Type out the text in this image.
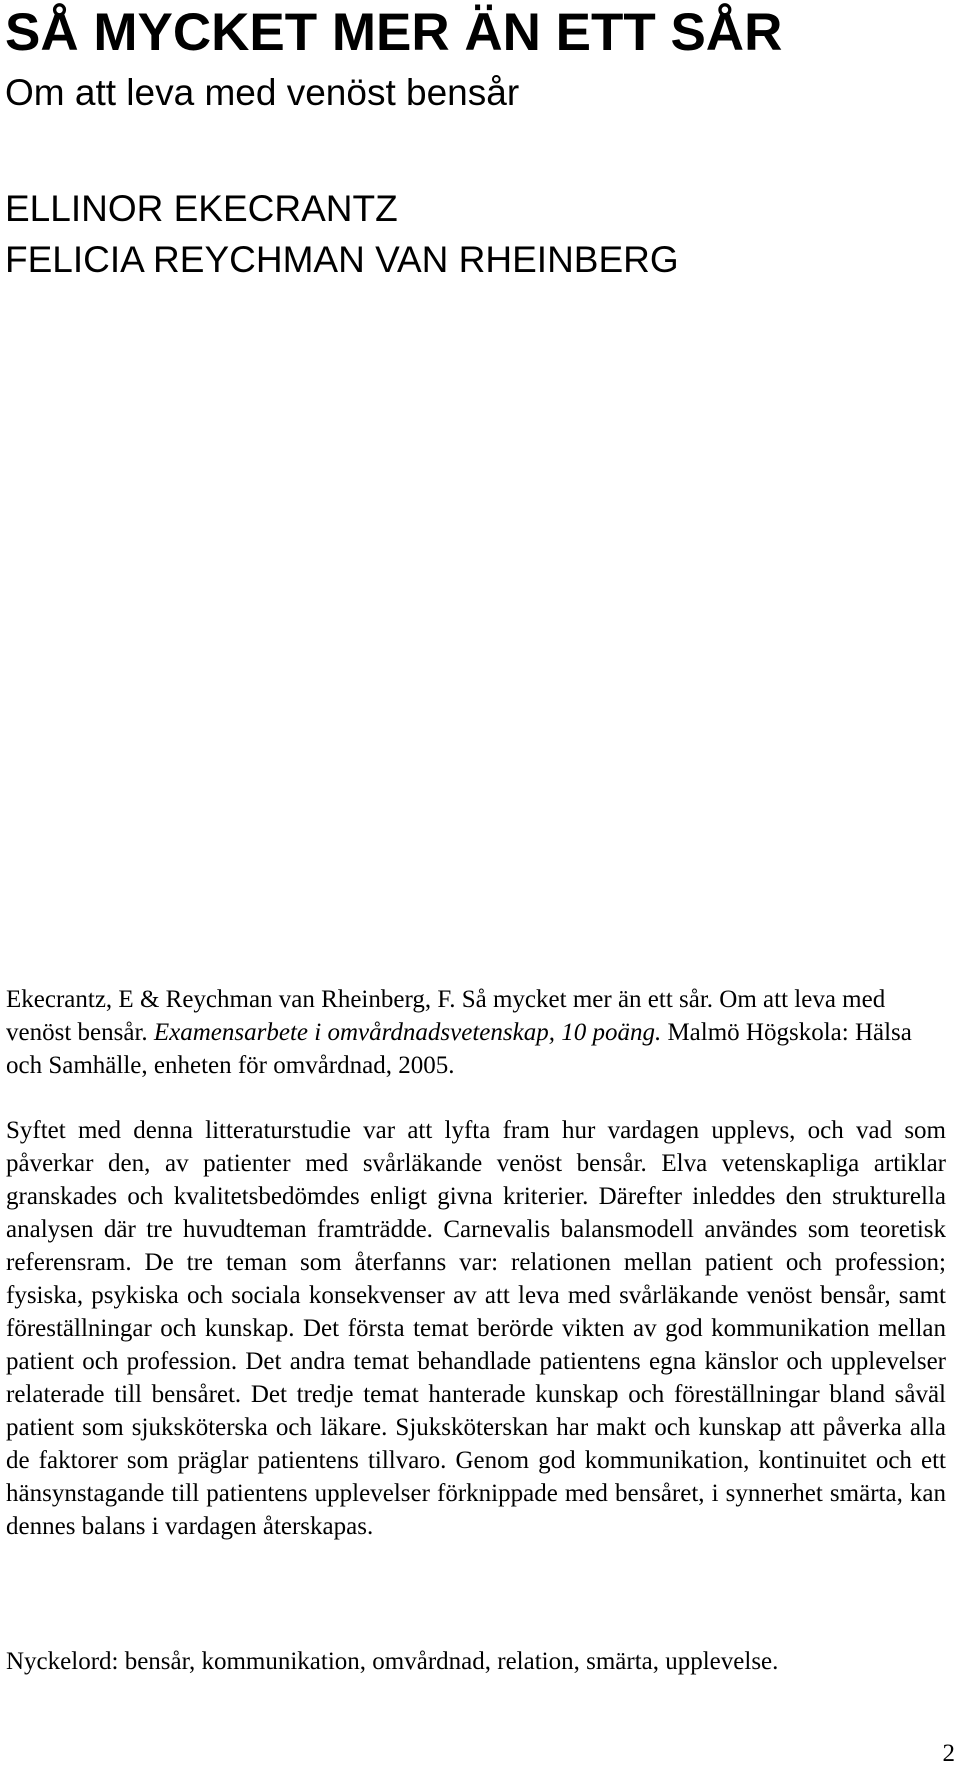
SÅ MYCKET MER ÄN ETT SÅR
Om att leva med venöst bensår
ELLINOR EKECRANTZ
FELICIA REYCHMAN VAN RHEINBERG
Ekecrantz, E & Reychman van Rheinberg, F. Så mycket mer än ett sår. Om att leva med venöst bensår. Examensarbete i omvårdnadsvetenskap, 10 poäng. Malmö Högskola: Hälsa och Samhälle, enheten för omvårdnad, 2005.
Syftet med denna litteraturstudie var att lyfta fram hur vardagen upplevs, och vad som påverkar den, av patienter med svårläkande venöst bensår. Elva vetenskapliga artiklar granskades och kvalitetsbedömdes enligt givna kriterier. Därefter inleddes den strukturella analysen där tre huvudteman framträdde. Carnevalis balansmodell användes som teoretisk referensram. De tre teman som återfanns var: relationen mellan patient och profession; fysiska, psykiska och sociala konsekvenser av att leva med svårläkande venöst bensår, samt föreställningar och kunskap. Det första temat berörde vikten av god kommunikation mellan patient och profession. Det andra temat behandlade patientens egna känslor och upplevelser relaterade till bensåret. Det tredje temat hanterade kunskap och föreställningar bland såväl patient som sjuksköterska och läkare. Sjuksköterskan har makt och kunskap att påverka alla de faktorer som präglar patientens tillvaro. Genom god kommunikation, kontinuitet och ett hänsynstagande till patientens upplevelser förknippade med bensåret, i synnerhet smärta, kan dennes balans i vardagen återskapas.
Nyckelord: bensår, kommunikation, omvårdnad, relation, smärta, upplevelse.
2
